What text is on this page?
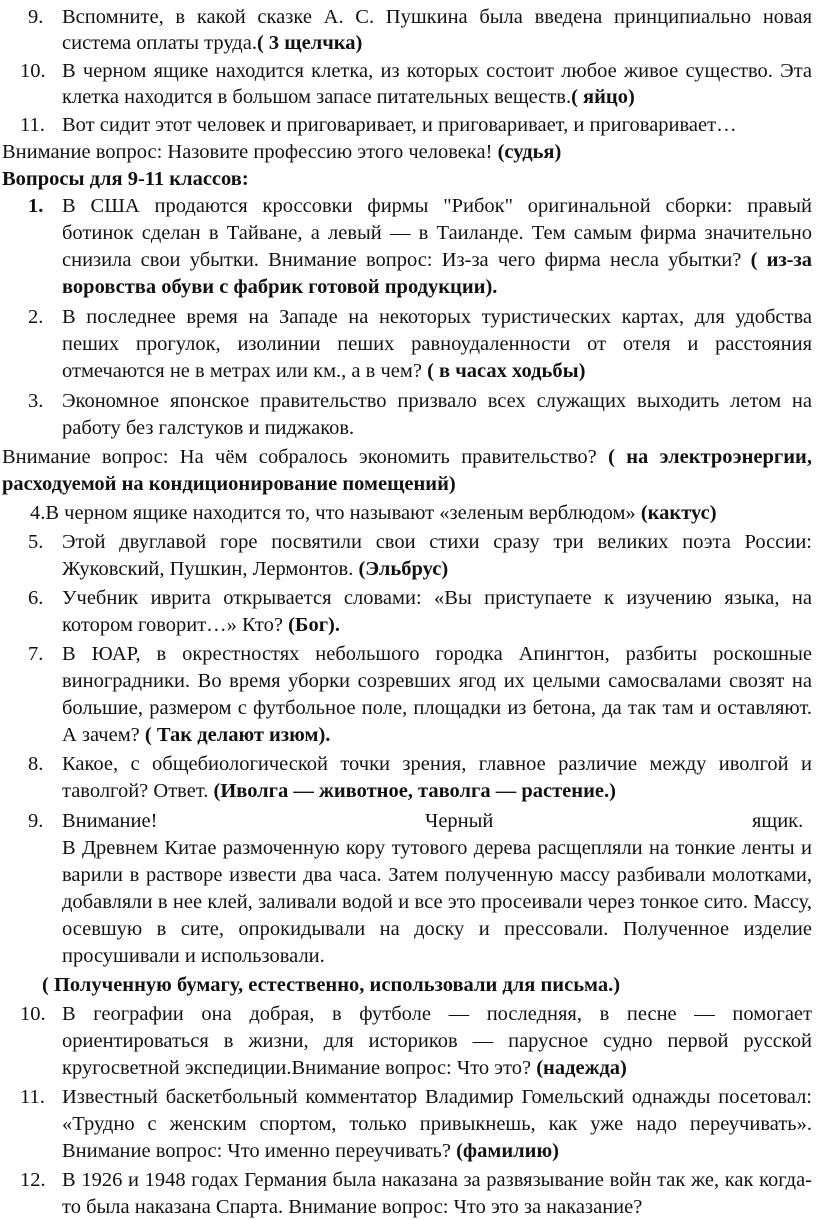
9. Вспомните, в какой сказке А. С. Пушкина была введена принципиально новая
система оплаты труда.( 3 щелчка)
10. В черном ящике находится клетка, из которых состоит любое живое существо. Эта
клетка находится в большом запасе питательных веществ.( яйцо)
11. Вот сидит этот человек и приговаривает, и приговаривает, и приговаривает…
Внимание вопрос: Назовите профессию этого человека! (судья)
Вопросы для 9-11 классов:
1. В США продаются кроссовки фирмы "Рибок" оригинальной сборки: правый
ботинок сделан в Тайване, а левый — в Таиланде. Тем самым фирма значительно
снизила свои убытки. Внимание вопрос: Из-за чего фирма несла убытки? ( из-за
воровства обуви с фабрик готовой продукции).
2. В последнее время на Западе на некоторых туристических картах, для удобства
пеших прогулок, изолинии пеших равноудаленности от отеля и расстояния
отмечаются не в метрах или км., а в чем? ( в часах ходьбы)
3. Экономное японское правительство призвало всех служащих выходить летом на
работу без галстуков и пиджаков.
Внимание вопрос: На чём собралось экономить правительство? ( на электроэнергии,
расходуемой на кондиционирование помещений)
4.В черном ящике находится то, что называют «зеленым верблюдом» (кактус)
5. Этой двуглавой горе посвятили свои стихи сразу три великих поэта России:
Жуковский, Пушкин, Лермонтов. (Эльбрус)
6. Учебник иврита открывается словами: «Вы приступаете к изучению языка, на
котором говорит…» Кто? (Бог).
7. В ЮАР, в окрестностях небольшого городка Апингтон, разбиты роскошные
виноградники. Во время уборки созревших ягод их целыми самосвалами свозят на
большие, размером с футбольное поле, площадки из бетона, да так там и оставляют.
А зачем? ( Так делают изюм).
8. Какое, с общебиологической точки зрения, главное различие между иволгой и
таволгой? Ответ. (Иволга — животное, таволга — растение.)
9. Внимание!	Черный	ящик.
В Древнем Китае размоченную кору тутового дерева расщепляли на тонкие ленты и
варили в растворе извести два часа. Затем полученную массу разбивали молотками,
добавляли в нее клей, заливали водой и все это просеивали через тонкое сито. Массу,
осевшую в сите, опрокидывали на доску и прессовали. Полученное изделие
просушивали и использовали.
( Полученную бумагу, естественно, использовали для письма.)
10. В географии она добрая, в футболе — последняя, в песне — помогает
ориентироваться в жизни, для историков — парусное судно первой русской
кругосветной экспедиции.Внимание вопрос: Что это? (надежда)
11. Известный баскетбольный комментатор Владимир Гомельский однажды посетовал:
«Трудно с женским спортом, только привыкнешь, как уже надо переучивать».
Внимание вопрос: Что именно переучивать? (фамилию)
12. В 1926 и 1948 годах Германия была наказана за развязывание войн так же, как когда-
то была наказана Спарта. Внимание вопрос: Что это за наказание?
